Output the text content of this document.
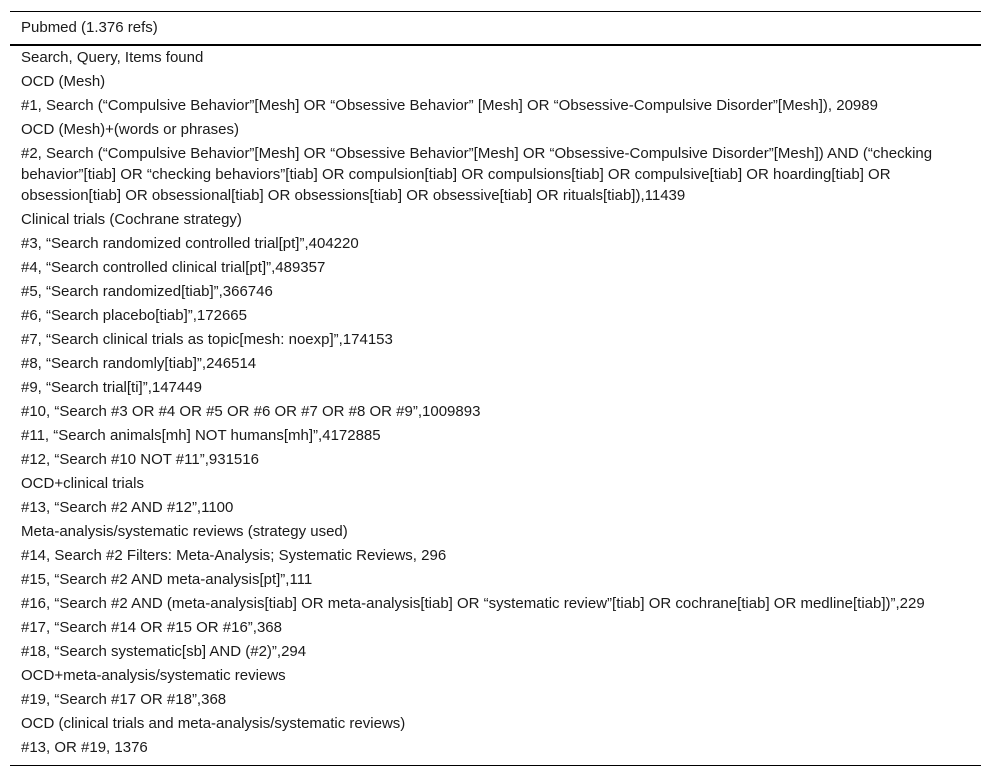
Pubmed (1.376 refs)
Search, Query, Items found
OCD (Mesh)
#1, Search (“Compulsive Behavior”[Mesh] OR “Obsessive Behavior” [Mesh] OR “Obsessive-Compulsive Disorder”[Mesh]), 20989
OCD (Mesh)+(words or phrases)
#2, Search (“Compulsive Behavior”[Mesh] OR “Obsessive Behavior”[Mesh] OR “Obsessive-Compulsive Disorder”[Mesh]) AND (“checking behavior”[tiab] OR “checking behaviors”[tiab] OR compulsion[tiab] OR compulsions[tiab] OR compulsive[tiab] OR hoarding[tiab] OR obsession[tiab] OR obsessional[tiab] OR obsessions[tiab] OR obsessive[tiab] OR rituals[tiab]),11439
Clinical trials (Cochrane strategy)
#3, “Search randomized controlled trial[pt]”,404220
#4, “Search controlled clinical trial[pt]”,489357
#5, “Search randomized[tiab]”,366746
#6, “Search placebo[tiab]”,172665
#7, “Search clinical trials as topic[mesh: noexp]”,174153
#8, “Search randomly[tiab]”,246514
#9, “Search trial[ti]”,147449
#10, “Search #3 OR #4 OR #5 OR #6 OR #7 OR #8 OR #9”,1009893
#11, “Search animals[mh] NOT humans[mh]”,4172885
#12, “Search #10 NOT #11”,931516
OCD+clinical trials
#13, “Search #2 AND #12”,1100
Meta-analysis/systematic reviews (strategy used)
#14, Search #2 Filters: Meta-Analysis; Systematic Reviews, 296
#15, “Search #2 AND meta-analysis[pt]”,111
#16, “Search #2 AND (meta-analysis[tiab] OR meta-analysis[tiab] OR “systematic review”[tiab] OR cochrane[tiab] OR medline[tiab])”,229
#17, “Search #14 OR #15 OR #16”,368
#18, “Search systematic[sb] AND (#2)”,294
OCD+meta-analysis/systematic reviews
#19, “Search #17 OR #18”,368
OCD (clinical trials and meta-analysis/systematic reviews)
#13, OR #19, 1376
